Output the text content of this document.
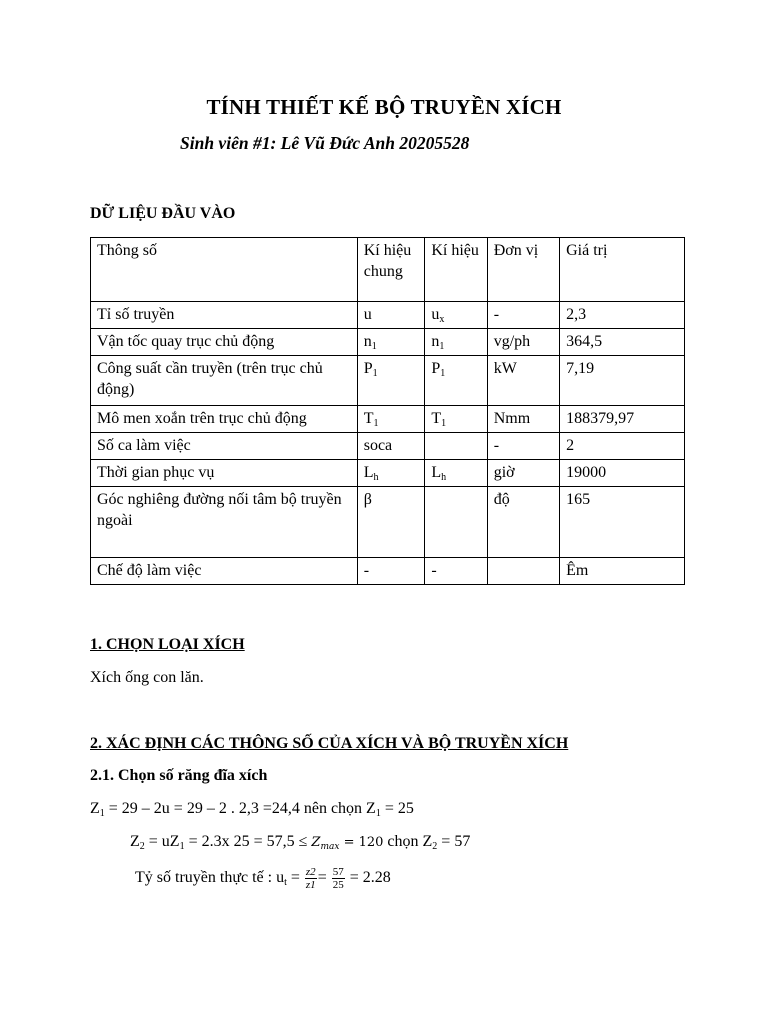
TÍNH THIẾT KẾ BỘ TRUYỀN XÍCH
Sinh viên #1: Lê Vũ Đức Anh 20205528
DỮ LIỆU ĐẦU VÀO
Thông số	Kí hiệu chung	Kí hiệu	Đơn vị	Giá trị
Tỉ số truyền	u	$u_x$	-	2,3
Vận tốc quay trục chủ động	$n_1$	$n_1$	vg/ph	364,5
Công suất cần truyền (trên trục chủ động)	$P_1$	$P_1$	kW	7,19
Mô men xoắn trên trục chủ động	$T_1$	$T_1$	Nmm	188379,97
Số ca làm việc	soca		-	2
Thời gian phục vụ	$L_h$	$L_h$	giờ	19000
Góc nghiêng đường nối tâm bộ truyền ngoài	β		độ	165
Chế độ làm việc	-	-		Êm
1. CHỌN LOẠI XÍCH
Xích ống con lăn.
2. XÁC ĐỊNH CÁC THÔNG SỐ CỦA XÍCH VÀ BỘ TRUYỀN XÍCH
2.1. Chọn số răng đĩa xích
$Z_1 = 29 - 2u = 29 - 2$ . 2,3 =24,4 nên chọn $Z_1 = 25$
$Z_2 = uZ_1 = 2.3x$ $25 = 57,5 \le Z_{max} = 120$ chọn $Z_2 = 57$
Tỷ số truyền thực tế : $u_t = \frac{z2}{z1} = \frac{57}{25} = 2.28$
